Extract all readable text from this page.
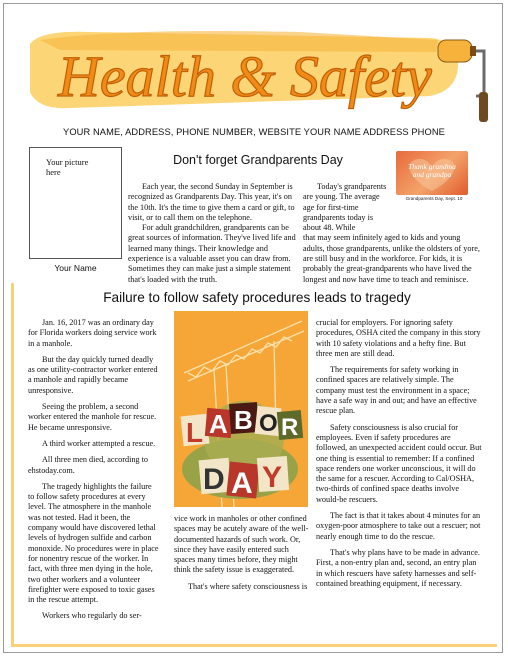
Health & Safety
YOUR NAME, ADDRESS, PHONE NUMBER, WEBSITE YOUR NAME ADDRESS PHONE
Your picture
here
Your Name
Don't forget Grandparents Day

Each year, the second Sunday in September is recognized as Grandparents Day. This year, it's on the 10th. It's the time to give them a card or gift, to visit, or to call them on the telephone.

For adult grandchildren, grandparents can be great sources of information. They've lived life and learned many things. Their knowledge and experience is a valuable asset you can draw from. Sometimes they can make just a simple statement that's loaded with the truth.

Today's grandparents are young. The average age for first-time grandparents today is about 48. While

that may seem infinitely aged to kids and young adults, those grandparents, unlike the oldsters of yore, are still busy and in the workforce. For kids, it is probably the great-grandparents who have lived the longest and now have time to teach and reminisce.

Thank grandma
and grandpa
Grandparents Day, Sept. 10
Failure to follow safety procedures leads to tragedy

Jan. 16, 2017 was an ordinary day for Florida workers doing service work in a manhole.

But the day quickly turned deadly as one utility-contractor worker entered a manhole and rapidly became unresponsive.

Seeing the problem, a second worker entered the manhole for rescue. He became unresponsive.

A third worker attempted a rescue.

All three men died, according to ehstoday.com.

The tragedy highlights the failure to follow safety procedures at every level. The atmosphere in the manhole was not tested. Had it been, the company would have discovered lethal levels of hydrogen sulfide and carbon monoxide. No procedures were in place for nonentry rescue of the worker. In fact, with three men dying in the hole, two other workers and a volunteer firefighter were exposed to toxic gases in the rescue attempt.

Workers who regularly do ser-

L A B O R
D A Y

vice work in manholes or other confined spaces may be acutely aware of the well-documented hazards of such work. Or, since they have easily entered such spaces many times before, they might think the safety issue is exaggerated.

That's where safety consciousness is

crucial for employers. For ignoring safety procedures, OSHA cited the company in this story with 10 safety violations and a hefty fine. But three men are still dead.

The requirements for safety working in confined spaces are relatively simple. The company must test the environment in a space; have a safe way in and out; and have an effective rescue plan.

Safety consciousness is also crucial for employees. Even if safety procedures are followed, an unexpected accident could occur. But one thing is essential to remember: If a confined space renders one worker unconscious, it will do the same for a rescuer. According to Cal/OSHA, two-thirds of confined space deaths involve would-be rescuers.

The fact is that it takes about 4 minutes for an oxygen-poor atmosphere to take out a rescuer; not nearly enough time to do the rescue.

That's why plans have to be made in advance. First, a non-entry plan and, second, an entry plan in which rescuers have safety harnesses and self-contained breathing equipment, if necessary.
